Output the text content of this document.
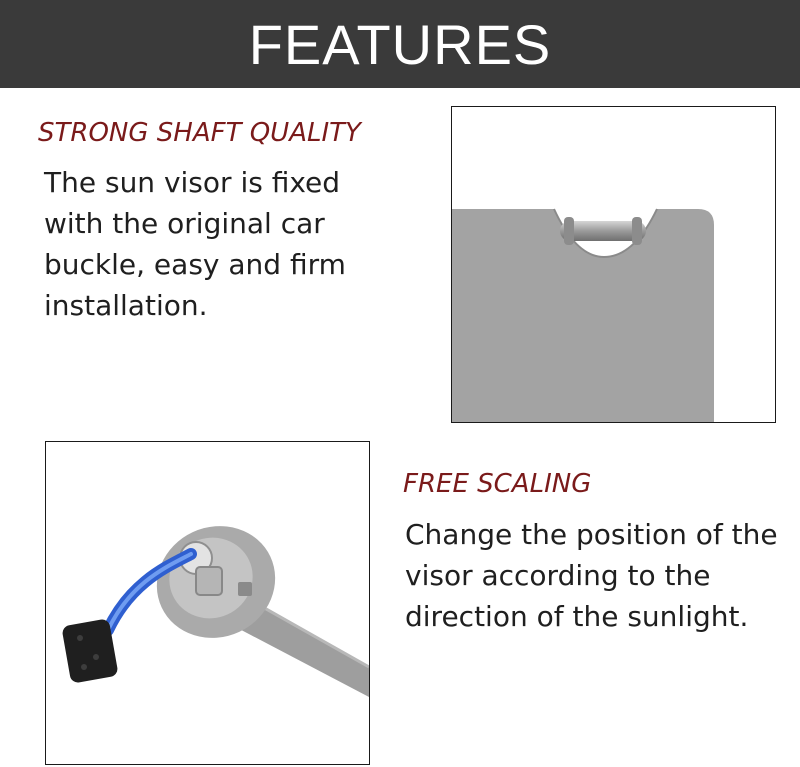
FEATURES
STRONG SHAFT QUALITY
The sun visor is fixed with the original car buckle, easy and firm installation.
FREE SCALING
Change the position of the visor according to the direction of the sunlight.
